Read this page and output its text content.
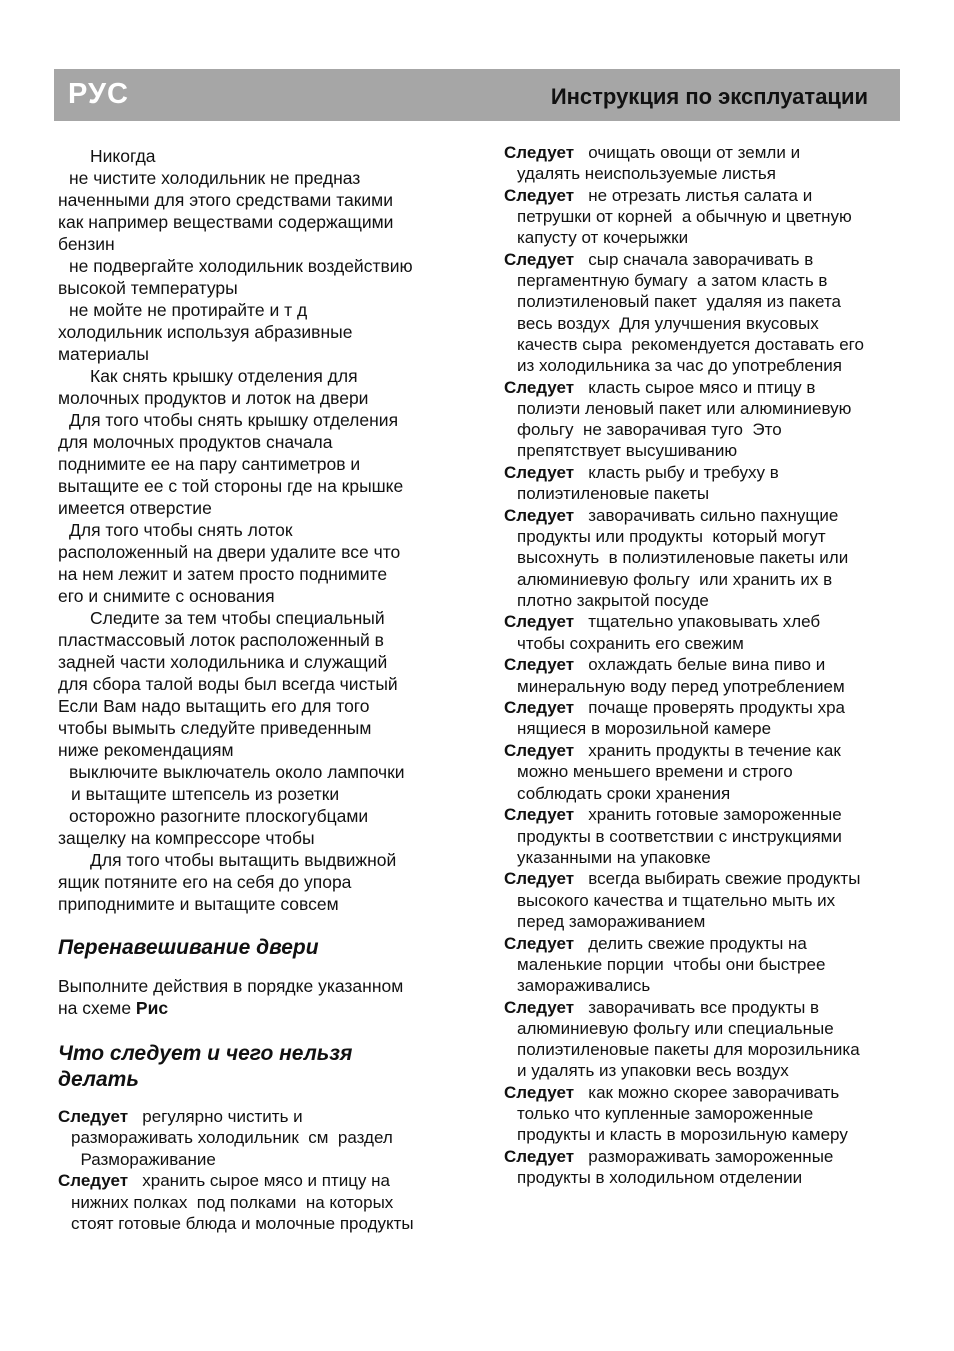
РУС	Инструкция по эксплуатации

Никогда

не чистите холодильник не предназ

наченными для этого средствами такими

как например веществами содержащими

бензин

не подвергайте холодильник воздействию

высокой температуры

не мойте не протирайте и т д

холодильник используя абразивные

материалы

Как снять крышку отделения для

молочных продуктов и лоток на двери

Для того чтобы снять крышку отделения

для молочных продуктов сначала

поднимите ее на пару сантиметров и

вытащите ее с той стороны где на крышке

имеется отверстие

Для того чтобы снять лоток

расположенный на двери удалите все что

на нем лежит и затем просто поднимите

его и снимите с основания

Следите за тем чтобы специальный

пластмассовый лоток расположенный в

задней части холодильника и служащий

для сбора талой воды был всегда чистый

Если Вам надо вытащить его для того

чтобы вымыть следуйте приведенным

ниже рекомендациям

выключите выключатель около лампочки

и вытащите штепсель из розетки

осторожно разогните плоскогубцами

защелку на компрессоре чтобы

Для того чтобы вытащить выдвижной

ящик потяните его на себя до упора

приподнимите и вытащите совсем

Перенавешивание двери

Выполните действия в порядке указанном

на схеме Рис

Что следует и чего нельзя

делать

Следует регулярно чистить и
размораживать холодильник  см  раздел
Размораживание
Следует хранить сырое мясо и птицу на
нижних полках  под полками  на которых
стоят готовые блюда и молочные продукты
Следует очищать овощи от земли и
удалять неиспользуемые листья
Следует не отрезать листья салата и
петрушки от корней  а обычную и цветную
капусту от кочерыжки
Следует сыр сначала заворачивать в
пергаментную бумагу  а затом класть в
полиэтиленовый пакет  удаляя из пакета
весь воздух  Для улучшения вкусовых
качеств сыра  рекомендуется доставать его
из холодильника за час до употребления
Следует класть сырое мясо и птицу в
полиэти леновый пакет или алюминиевую
фольгу  не заворачивая туго  Это
препятствует высушиванию
Следует класть рыбу и требуху в
полиэтиленовые пакеты
Следует заворачивать сильно пахнущие
продукты или продукты  который могут
высохнуть  в полиэтиленовые пакеты или
алюминиевую фольгу  или хранить их в
плотно закрытой посуде
Следует тщательно упаковывать хлеб
чтобы сохранить его свежим
Следует охлаждать белые вина пиво и
минеральную воду перед употреблением
Следует почаще проверять продукты хра
нящиеся в морозильной камере
Следует хранить продукты в течение как
можно меньшего времени и строго
соблюдать сроки хранения
Следует хранить готовые замороженные
продукты в соответствии с инструкциями
указанными на упаковке
Следует всегда выбирать свежие продукты
высокого качества и тщательно мыть их
перед замораживанием
Следует делить свежие продукты на
маленькие порции  чтобы они быстрее
замораживались
Следует заворачивать все продукты в
алюминиевую фольгу или специальные
полиэтиленовые пакеты для морозильника
и удалять из упаковки весь воздух
Следует как можно скорее заворачивать
только что купленные замороженные
продукты и класть в морозильную камеру
Следует размораживать замороженные
продукты в холодильном отделении
